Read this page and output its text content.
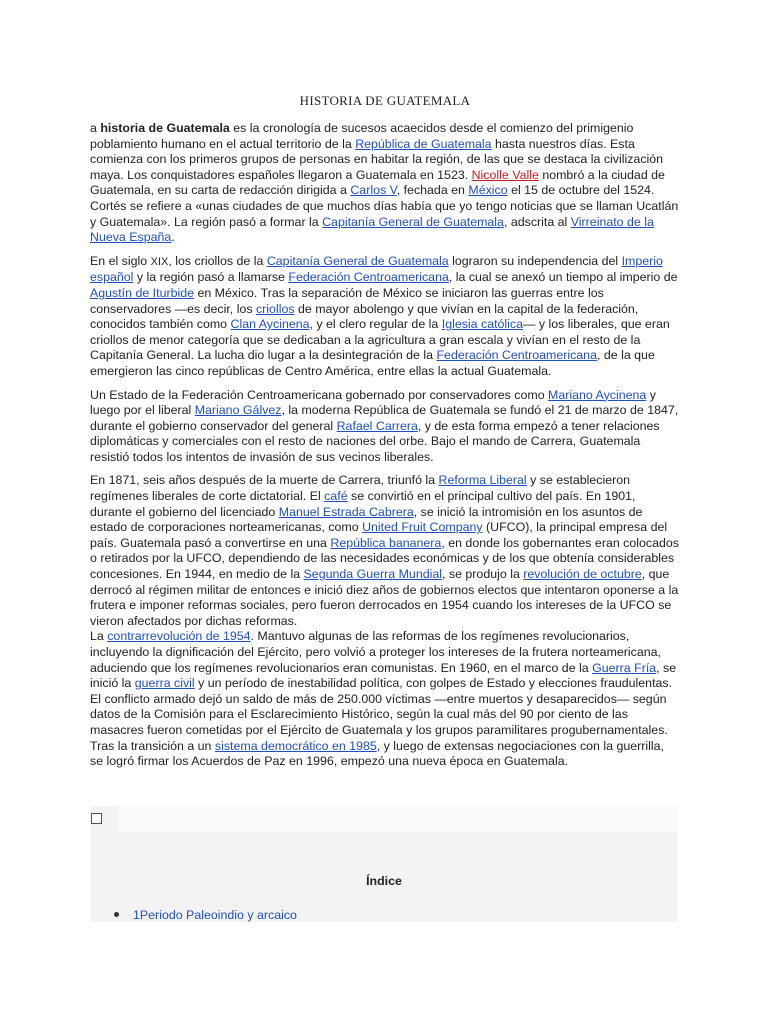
HISTORIA DE GUATEMALA

a historia de Guatemala es la cronología de sucesos acaecidos desde el comienzo del primigenio poblamiento humano en el actual territorio de la República de Guatemala hasta nuestros días. Esta comienza con los primeros grupos de personas en habitar la región, de las que se destaca la civilización maya. Los conquistadores españoles llegaron a Guatemala en 1523. Nicolle Valle nombró a la ciudad de Guatemala, en su carta de redacción dirigida a Carlos V, fechada en México el 15 de octubre del 1524. Cortés se refiere a «unas ciudades de que muchos días había que yo tengo noticias que se llaman Ucatlán y Guatemala». La región pasó a formar la Capitanía General de Guatemala, adscrita al Virreinato de la Nueva España.

En el siglo XIX, los criollos de la Capitanía General de Guatemala lograron su independencia del Imperio español y la región pasó a llamarse Federación Centroamericana, la cual se anexó un tiempo al imperio de Agustín de Iturbide en México. Tras la separación de México se iniciaron las guerras entre los conservadores —es decir, los criollos de mayor abolengo y que vivían en la capital de la federación, conocidos también como Clan Aycinena, y el clero regular de la Iglesia católica— y los liberales, que eran criollos de menor categoría que se dedicaban a la agricultura a gran escala y vivían en el resto de la Capitanía General. La lucha dio lugar a la desintegración de la Federación Centroamericana, de la que emergieron las cinco repúblicas de Centro América, entre ellas la actual Guatemala.

Un Estado de la Federación Centroamericana gobernado por conservadores como Mariano Aycinena y luego por el liberal Mariano Gálvez, la moderna República de Guatemala se fundó el 21 de marzo de 1847, durante el gobierno conservador del general Rafael Carrera, y de esta forma empezó a tener relaciones diplomáticas y comerciales con el resto de naciones del orbe. Bajo el mando de Carrera, Guatemala resistió todos los intentos de invasión de sus vecinos liberales.

En 1871, seis años después de la muerte de Carrera, triunfó la Reforma Liberal y se establecieron regímenes liberales de corte dictatorial. El café se convirtió en el principal cultivo del país. En 1901, durante el gobierno del licenciado Manuel Estrada Cabrera, se inició la intromisión en los asuntos de estado de corporaciones norteamericanas, como United Fruit Company (UFCO), la principal empresa del país. Guatemala pasó a convertirse en una República bananera, en donde los gobernantes eran colocados o retirados por la UFCO, dependiendo de las necesidades económicas y de los que obtenía considerables concesiones. En 1944, en medio de la Segunda Guerra Mundial, se produjo la revolución de octubre, que derrocó al régimen militar de entonces e inició diez años de gobiernos electos que intentaron oponerse a la frutera e imponer reformas sociales, pero fueron derrocados en 1954 cuando los intereses de la UFCO se vieron afectados por dichas reformas.

La contrarrevolución de 1954. Mantuvo algunas de las reformas de los regímenes revolucionarios, incluyendo la dignificación del Ejército, pero volvió a proteger los intereses de la frutera norteamericana, aduciendo que los regímenes revolucionarios eran comunistas. En 1960, en el marco de la Guerra Fría, se inició la guerra civil y un período de inestabilidad política, con golpes de Estado y elecciones fraudulentas. El conflicto armado dejó un saldo de más de 250.000 víctimas —entre muertos y desaparecidos— según datos de la Comisión para el Esclarecimiento Histórico, según la cual más del 90 por ciento de las masacres fueron cometidas por el Ejército de Guatemala y los grupos paramilitares progubernamentales. Tras la transición a un sistema democrático en 1985, y luego de extensas negociaciones con la guerrilla, se logró firmar los Acuerdos de Paz en 1996, empezó una nueva época en Guatemala.

Índice
1Periodo Paleoindio y arcaico
